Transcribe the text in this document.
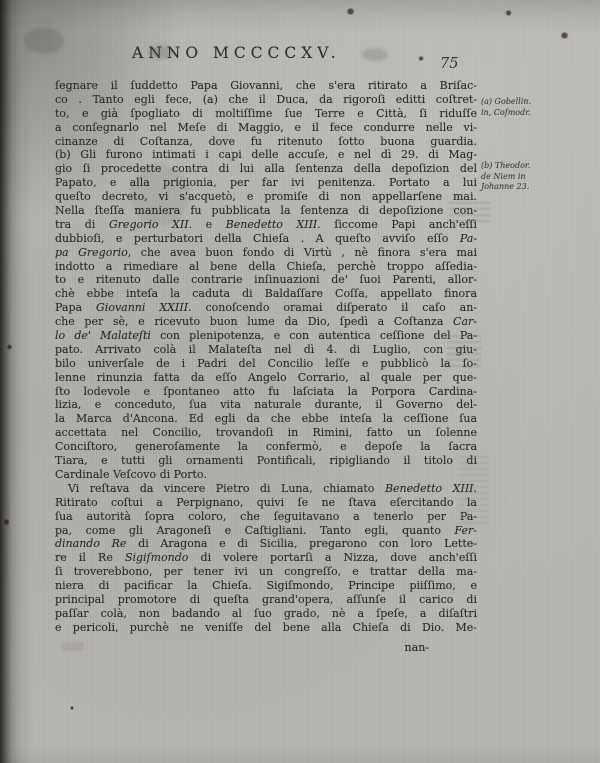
ANNO MCCCCXV.
75
ſegnare il ſuddetto Papa Giovanni, che s'era ritirato a Briſac-
co . Tanto egli fece, (a) che il Duca, da rigoroſi editti coſtret-
to, e già ſpogliato di moltiſſime ſue Terre e Città, ſi riduſſe
a conſegnarlo nel Meſe di Maggio, e il fece condurre nelle vi-
cinanze di Coſtanza, dove fu ritenuto ſotto buona guardia.
(b) Gli furono intimati i capi delle accuſe, e nel dì 29. di Mag-
gio ſi procedette contra di lui alla ſentenza della depoſizion del
Papato, e alla prigionia, per far ivi penitenza. Portato a lui
queſto decreto, vi s'acquetò, e promiſe di non appellarſene mai.
Nella ſteſſa maniera fu pubblicata la ſentenza di depoſizione con-
tra di Gregorio XII. e Benedetto XIII. ſiccome Papi anch'eſſi
dubbioſi, e perturbatori della Chieſa . A queſto avviſo eſſo Pa-
pa Gregorio, che avea buon fondo di Virtù , nè finora s'era mai
indotto a rimediare al bene della Chieſa, perchè troppo aſſedia-
to e ritenuto dalle contrarie inſinuazioni de' ſuoi Parenti, allor-
chè ebbe inteſa la caduta di Baldaſſare Coſſa, appellato finora
Papa Giovanni XXIII. conoſcendo oramai diſperato il caſo an-
che per sè, e ricevuto buon lume da Dio, ſpedì a Coſtanza Car-
lo de' Malateſti con plenipotenza, e con autentica ceſſione del Pa-
pato. Arrivato colà il Malateſta nel dì 4. di Luglio, con giu-
bilo univerſale de i Padri del Concilio leſſe e pubblicò la ſo-
lenne rinunzia fatta da eſſo Angelo Corrario, al quale per que-
ſto lodevole e ſpontaneo atto fu laſciata la Porpora Cardina-
lizia, e conceduto, ſua vita naturale durante, il Governo del-
la Marca d'Ancona. Ed egli da che ebbe inteſa la ceſſione ſua
accettata nel Concilio, trovandoſi in Rimini, fatto un ſolenne
Conciſtoro, generoſamente la confermò, e depoſe la ſacra
Tiara, e tutti gli ornamenti Pontificali, ripigliando il titolo di
Cardinale Veſcovo di Porto.
Vi reſtava da vincere Pietro di Luna, chiamato Benedetto XIII.
Ritirato coſtui a Perpignano, quivi ſe ne ſtava eſercitando la
ſua autorità ſopra coloro, che ſeguitavano a tenerlo per Pa-
pa, come gli Aragoneſi e Caſtigliani. Tanto egli, quanto Fer-
dinando Re di Aragona e di Sicilia, pregarono con loro Lette-
re il Re Sigiſmondo di volere portarſi a Nizza, dove anch'eſſi
ſi troverebbono, per tener ivi un congreſſo, e trattar della ma-
niera di pacificar la Chieſa. Sigiſmondo, Principe piiſſimo, e
principal promotore di queſta grand'opera, aſſunſe il carico di
paſſar colà, non badando al ſuo grado, nè a ſpeſe, a diſaſtri
e pericoli, purchè ne veniſſe del bene alla Chieſa di Dio. Me-
nan-
(a) Gobellin.
in, Coſmodr.
(b) Theodor.
de Niem in
Johanne 23.
